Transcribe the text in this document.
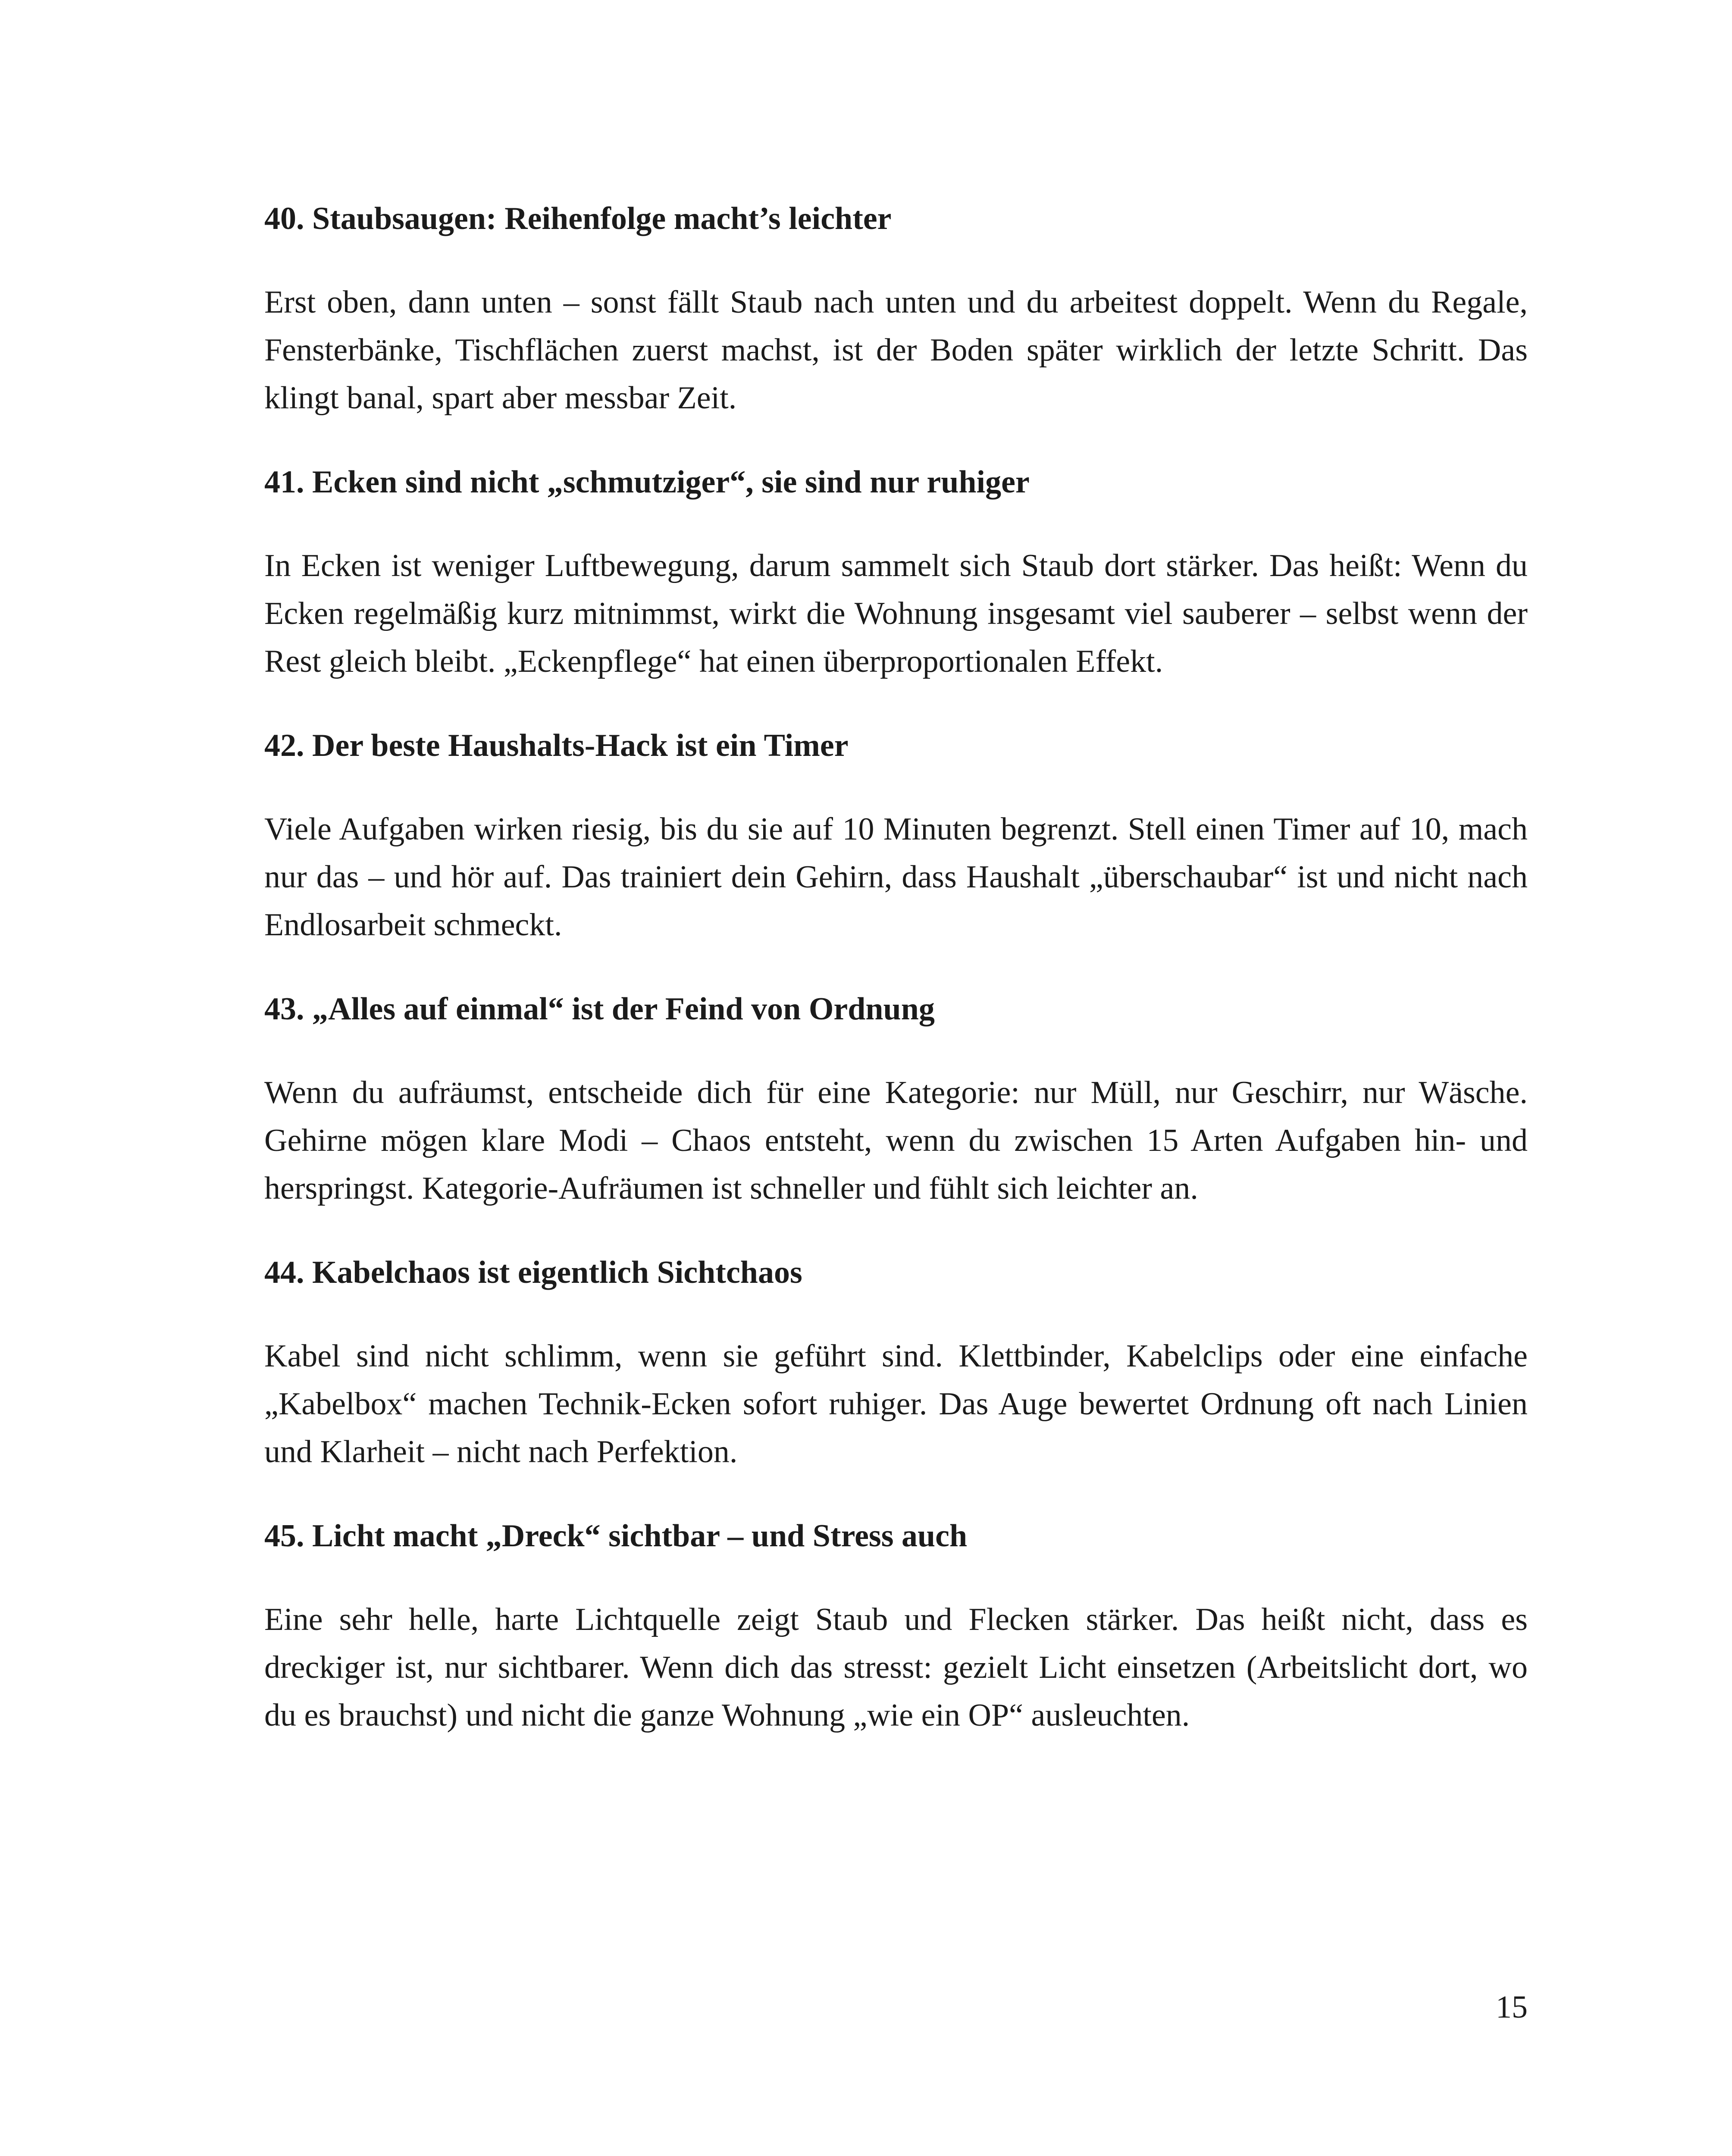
40. Staubsaugen: Reihenfolge macht’s leichter

Erst oben, dann unten – sonst fällt Staub nach unten und du arbeitest doppelt. Wenn du Regale, Fensterbänke, Tischflächen zuerst machst, ist der Boden später wirklich der letzte Schritt. Das klingt banal, spart aber messbar Zeit.

41. Ecken sind nicht „schmutziger“, sie sind nur ruhiger

In Ecken ist weniger Luftbewegung, darum sammelt sich Staub dort stärker. Das heißt: Wenn du Ecken regelmäßig kurz mitnimmst, wirkt die Wohnung insgesamt viel sauberer – selbst wenn der Rest gleich bleibt. „Eckenpflege“ hat einen überproportionalen Effekt.

42. Der beste Haushalts-Hack ist ein Timer

Viele Aufgaben wirken riesig, bis du sie auf 10 Minuten begrenzt. Stell einen Timer auf 10, mach nur das – und hör auf. Das trainiert dein Gehirn, dass Haushalt „überschaubar“ ist und nicht nach Endlosarbeit schmeckt.

43. „Alles auf einmal“ ist der Feind von Ordnung

Wenn du aufräumst, entscheide dich für eine Kategorie: nur Müll, nur Geschirr, nur Wäsche. Gehirne mögen klare Modi – Chaos entsteht, wenn du zwischen 15 Arten Aufgaben hin- und herspringst. Kategorie-Aufräumen ist schneller und fühlt sich leichter an.

44. Kabelchaos ist eigentlich Sichtchaos

Kabel sind nicht schlimm, wenn sie geführt sind. Klettbinder, Kabelclips oder eine einfache „Kabelbox“ machen Technik-Ecken sofort ruhiger. Das Auge bewertet Ordnung oft nach Linien und Klarheit – nicht nach Perfektion.

45. Licht macht „Dreck“ sichtbar – und Stress auch

Eine sehr helle, harte Lichtquelle zeigt Staub und Flecken stärker. Das heißt nicht, dass es dreckiger ist, nur sichtbarer. Wenn dich das stresst: gezielt Licht einsetzen (Arbeitslicht dort, wo du es brauchst) und nicht die ganze Wohnung „wie ein OP“ ausleuchten.

15
